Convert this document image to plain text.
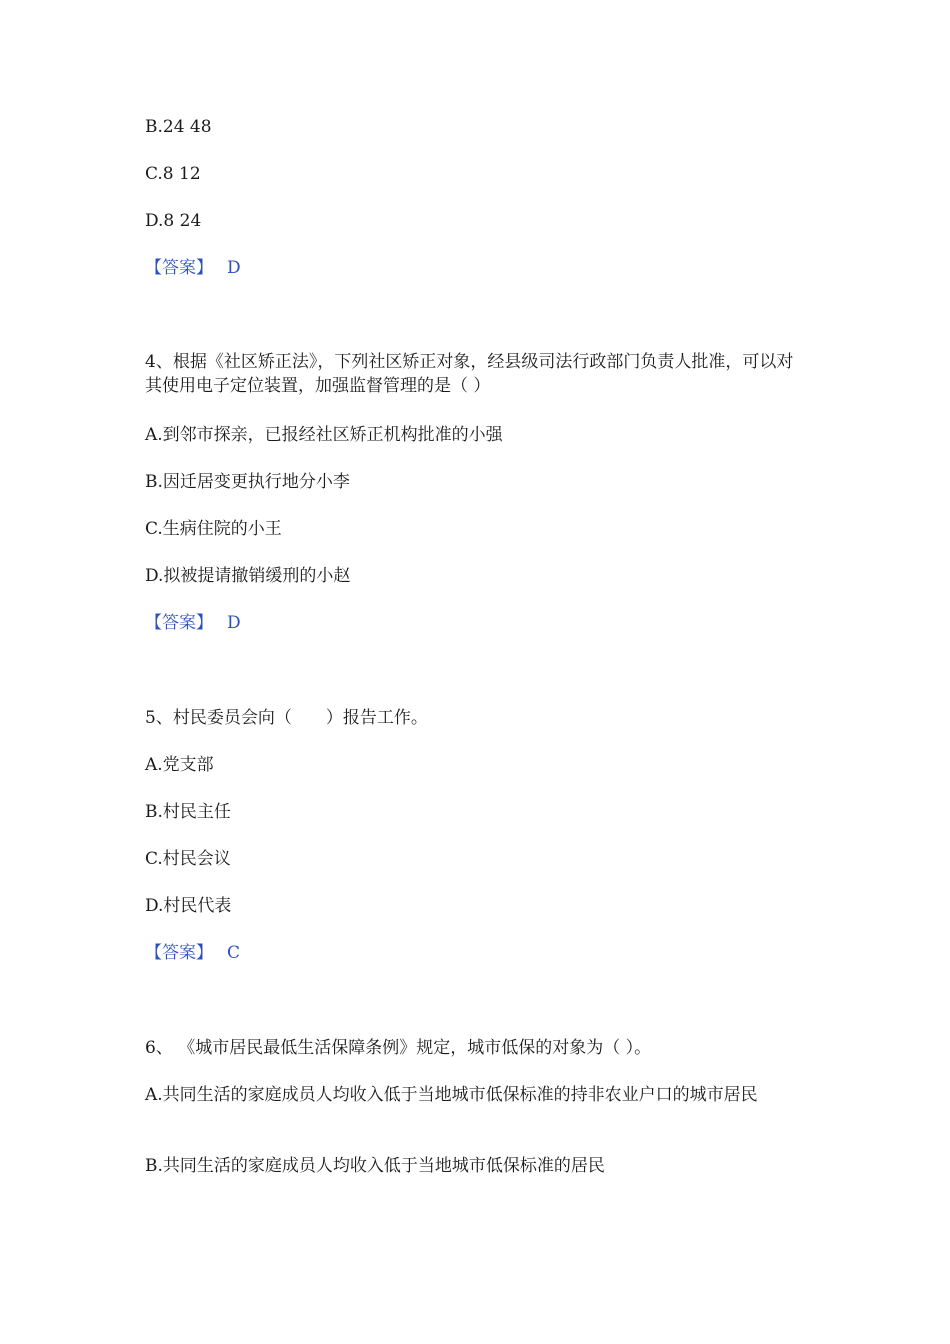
B.24 48
C.8 12
D.8 24
【答案】 D
4、根据《社区矫正法》，下列社区矫正对象，经县级司法行政部门负责人批准，可以对其使用电子定位装置，加强监督管理的是（ ）
A.到邻市探亲，已报经社区矫正机构批准的小强
B.因迁居变更执行地分小李
C.生病住院的小王
D.拟被提请撤销缓刑的小赵
【答案】 D
5、村民委员会向（　　）报告工作。
A.党支部
B.村民主任
C.村民会议
D.村民代表
【答案】 C
6、 《城市居民最低生活保障条例》规定，城市低保的对象为（ ）。
A.共同生活的家庭成员人均收入低于当地城市低保标准的持非农业户口的城市居民
B.共同生活的家庭成员人均收入低于当地城市低保标准的居民
